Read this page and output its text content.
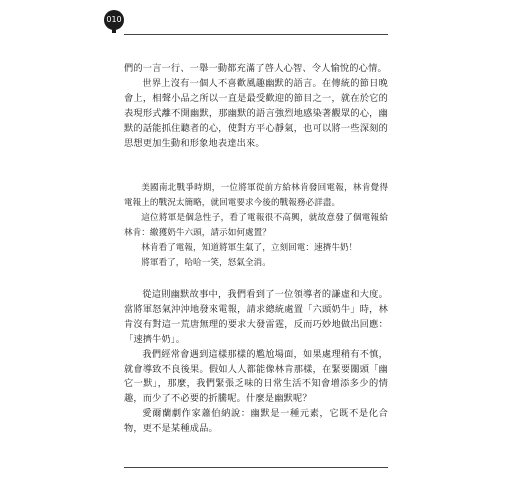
010

們的一言一行、一舉一動都充滿了啓人心智、令人愉悅的心情。

世界上沒有一個人不喜歡風趣幽默的語言。在傳統的節日晚會上，相聲小品之所以一直是最受歡迎的節目之一，就在於它的表現形式離不開幽默，那幽默的語言強烈地感染著觀眾的心，幽默的話能抓住聽者的心，使對方平心靜氣，也可以將一些深刻的思想更加生動和形象地表達出來。

美國南北戰爭時期，一位將軍從前方給林肯發回電報，林肯覺得電報上的戰況太簡略，就回電要求今後的戰報務必詳盡。

這位將軍是個急性子，看了電報很不高興，就故意發了個電報給林肯：繳獲奶牛六頭，請示如何處置？

林肯看了電報，知道將軍生氣了，立刻回電：速擠牛奶！

將軍看了，哈哈一笑，怒氣全消。

從這則幽默故事中，我們看到了一位領導者的謙虛和大度。當將軍怒氣沖沖地發來電報，請求總統處置「六頭奶牛」時，林肯沒有對這一荒唐無理的要求大發雷霆，反而巧妙地做出回應：「速擠牛奶」。

我們經常會遇到這樣那樣的尷尬場面，如果處理稍有不慎，就會導致不良後果。假如人人都能像林肯那樣，在緊要關頭「幽它一默」，那麼，我們緊張乏味的日常生活不知會增添多少的情趣，而少了不必要的折騰呢。什麼是幽默呢？

愛爾蘭劇作家蕭伯納說：幽默是一種元素，它既不是化合物，更不是某種成品。
